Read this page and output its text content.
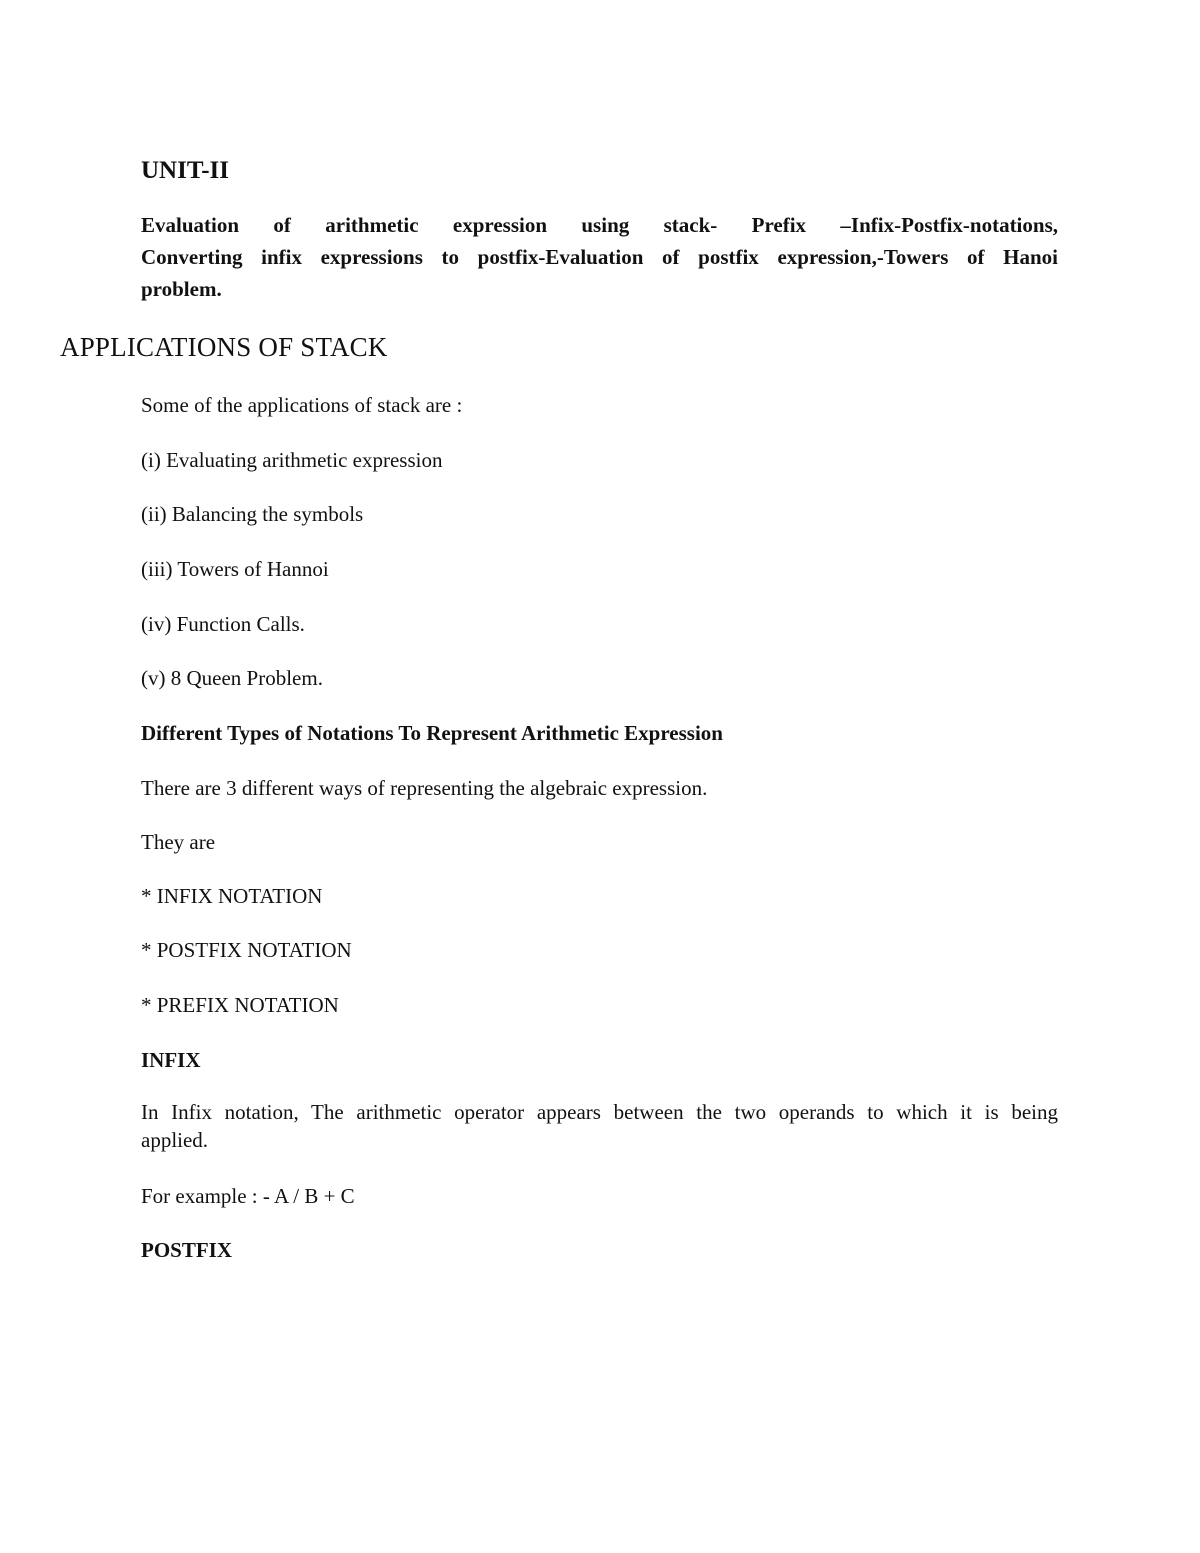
UNIT-II
Evaluation of arithmetic expression using stack- Prefix –Infix-Postfix-notations,
Converting infix expressions to postfix-Evaluation of postfix expression,-Towers of Hanoi
problem.
APPLICATIONS OF STACK

Some of the applications of stack are :

(i) Evaluating arithmetic expression

(ii) Balancing the symbols

(iii) Towers of Hannoi

(iv) Function Calls.

(v) 8 Queen Problem.

Different Types of Notations To Represent Arithmetic Expression

There are 3 different ways of representing the algebraic expression.

They are

* INFIX NOTATION

* POSTFIX NOTATION

* PREFIX NOTATION

INFIX

In Infix notation, The arithmetic operator appears between the two operands to which it is being
applied.

For example : - A / B + C

POSTFIX
